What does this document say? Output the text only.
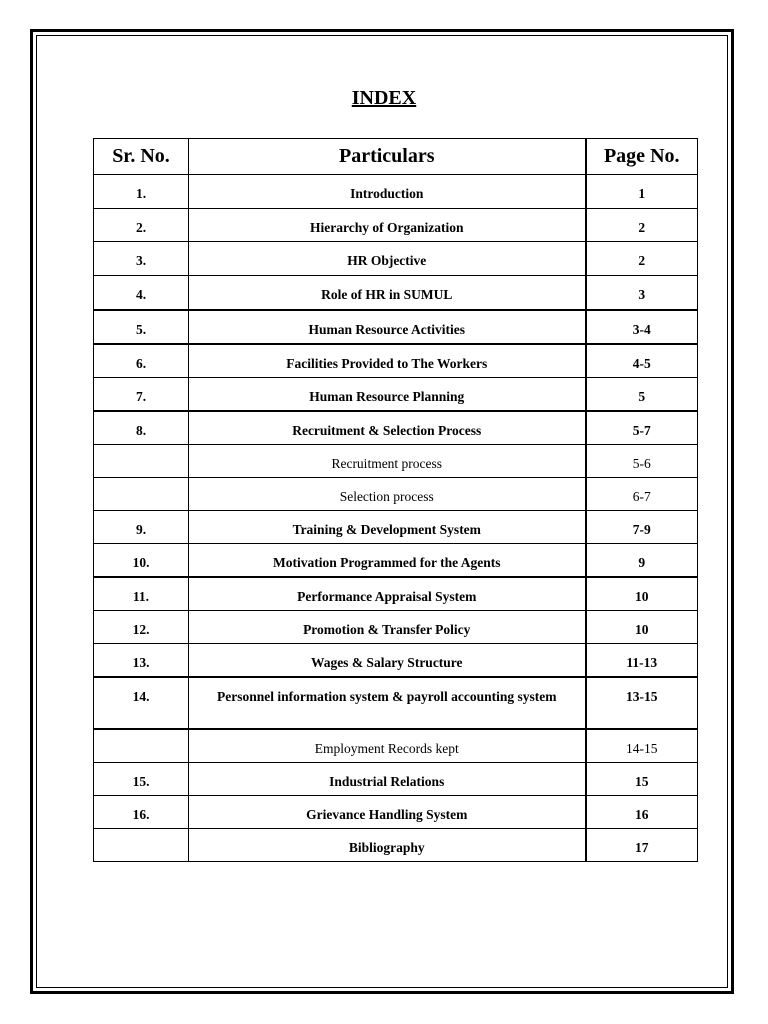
INDEX
Sr. No.	Particulars	Page No.
1.	Introduction	1
2.	Hierarchy of Organization	2
3.	HR Objective	2
4.	Role of HR in SUMUL	3
5.	Human Resource Activities	3-4
6.	Facilities Provided to The Workers	4-5
7.	Human Resource Planning	5
8.	Recruitment & Selection Process	5-7
	Recruitment process	5-6
	Selection process	6-7
9.	Training & Development System	7-9
10.	Motivation Programmed for the Agents	9
11.	Performance Appraisal System	10
12.	Promotion & Transfer Policy	10
13.	Wages & Salary Structure	11-13
14.	Personnel information system & payroll accounting system	13-15
	Employment Records kept	14-15
15.	Industrial Relations	15
16.	Grievance Handling System	16
	Bibliography	17
